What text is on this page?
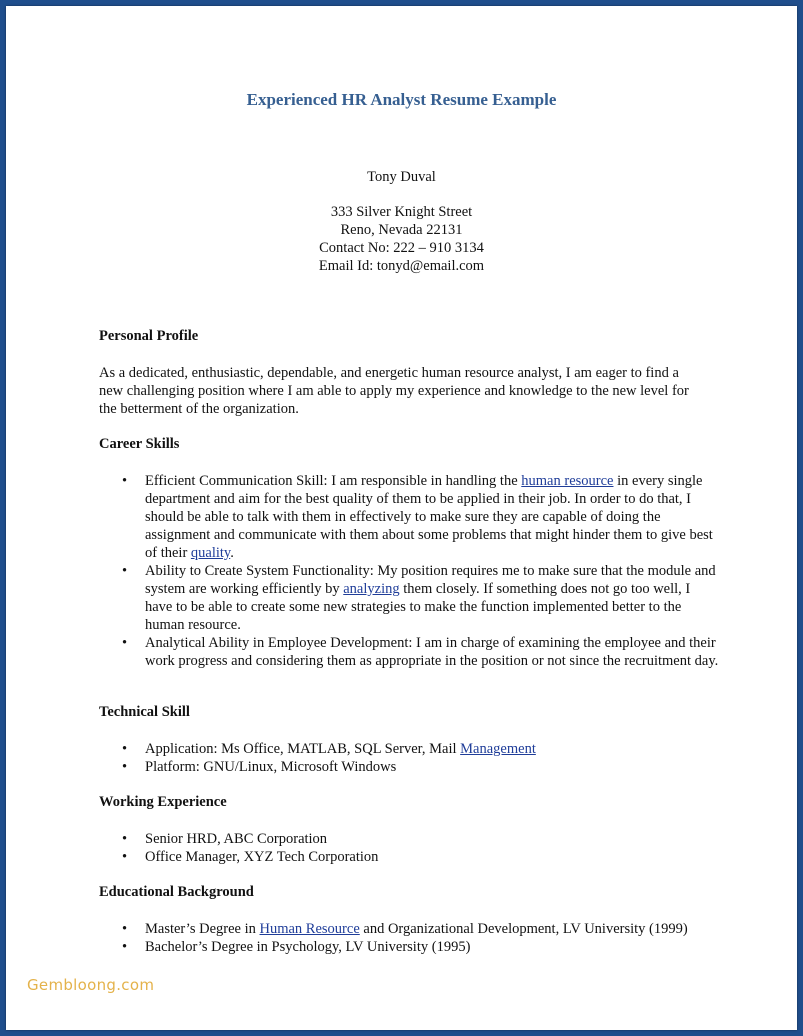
Experienced HR Analyst Resume Example
Tony Duval
333 Silver Knight Street
Reno, Nevada 22131
Contact No: 222 – 910 3134
Email Id: tonyd@email.com
Personal Profile
As a dedicated, enthusiastic, dependable, and energetic human resource analyst, I am eager to find a new challenging position where I am able to apply my experience and knowledge to the new level for the betterment of the organization.
Career Skills
• Efficient Communication Skill: I am responsible in handling the human resource in every single department and aim for the best quality of them to be applied in their job. In order to do that, I should be able to talk with them in effectively to make sure they are capable of doing the assignment and communicate with them about some problems that might hinder them to give best of their quality.
• Ability to Create System Functionality: My position requires me to make sure that the module and system are working efficiently by analyzing them closely. If something does not go too well, I have to be able to create some new strategies to make the function implemented better to the human resource.
• Analytical Ability in Employee Development: I am in charge of examining the employee and their work progress and considering them as appropriate in the position or not since the recruitment day.
Technical Skill
• Application: Ms Office, MATLAB, SQL Server, Mail Management
• Platform: GNU/Linux, Microsoft Windows
Working Experience
• Senior HRD, ABC Corporation
• Office Manager, XYZ Tech Corporation
Educational Background
• Master’s Degree in Human Resource and Organizational Development, LV University (1999)
• Bachelor’s Degree in Psychology, LV University (1995)
Gembloong.com
